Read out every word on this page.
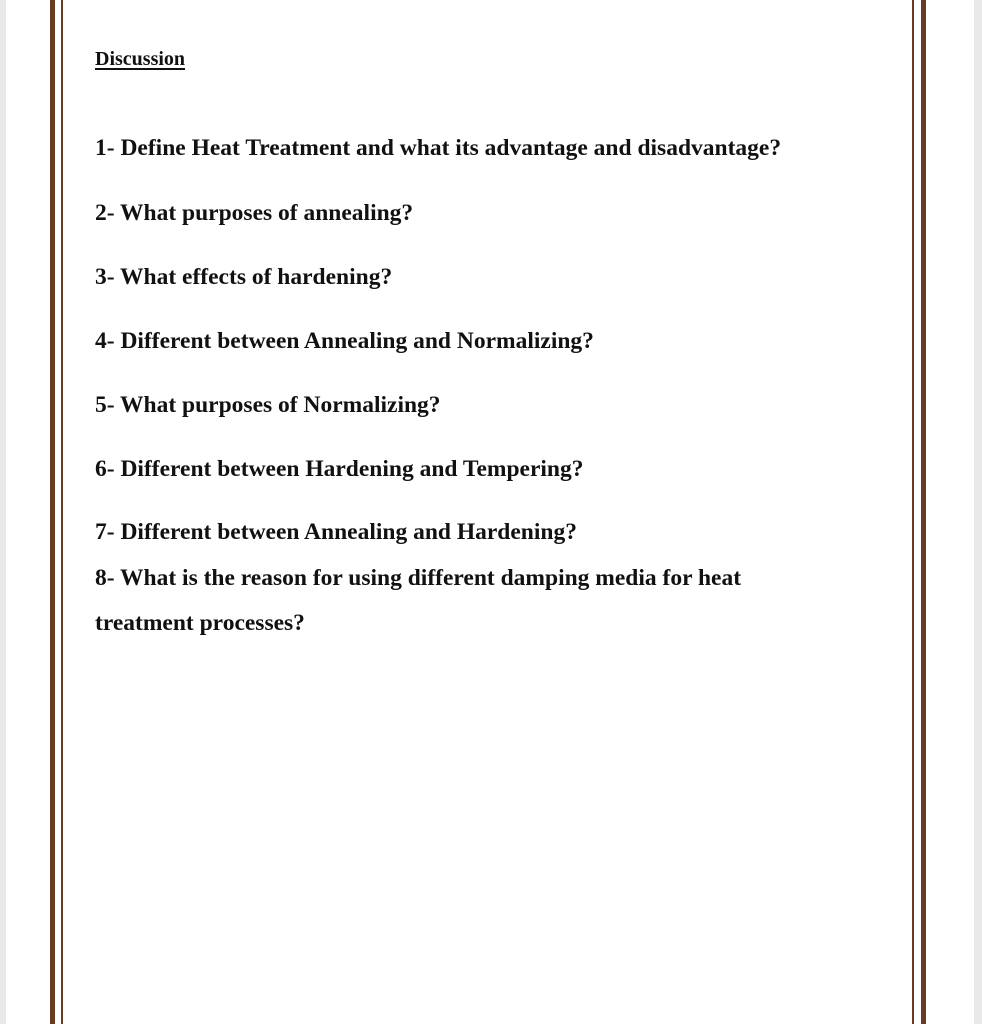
Discussion
1- Define Heat Treatment and what its advantage and disadvantage?
2- What purposes of annealing?
3- What effects of hardening?
4- Different between Annealing and Normalizing?
5- What purposes of Normalizing?
6- Different between Hardening and Tempering?
7- Different between Annealing and Hardening?
8- What is the reason for using different damping media for heat treatment processes?
